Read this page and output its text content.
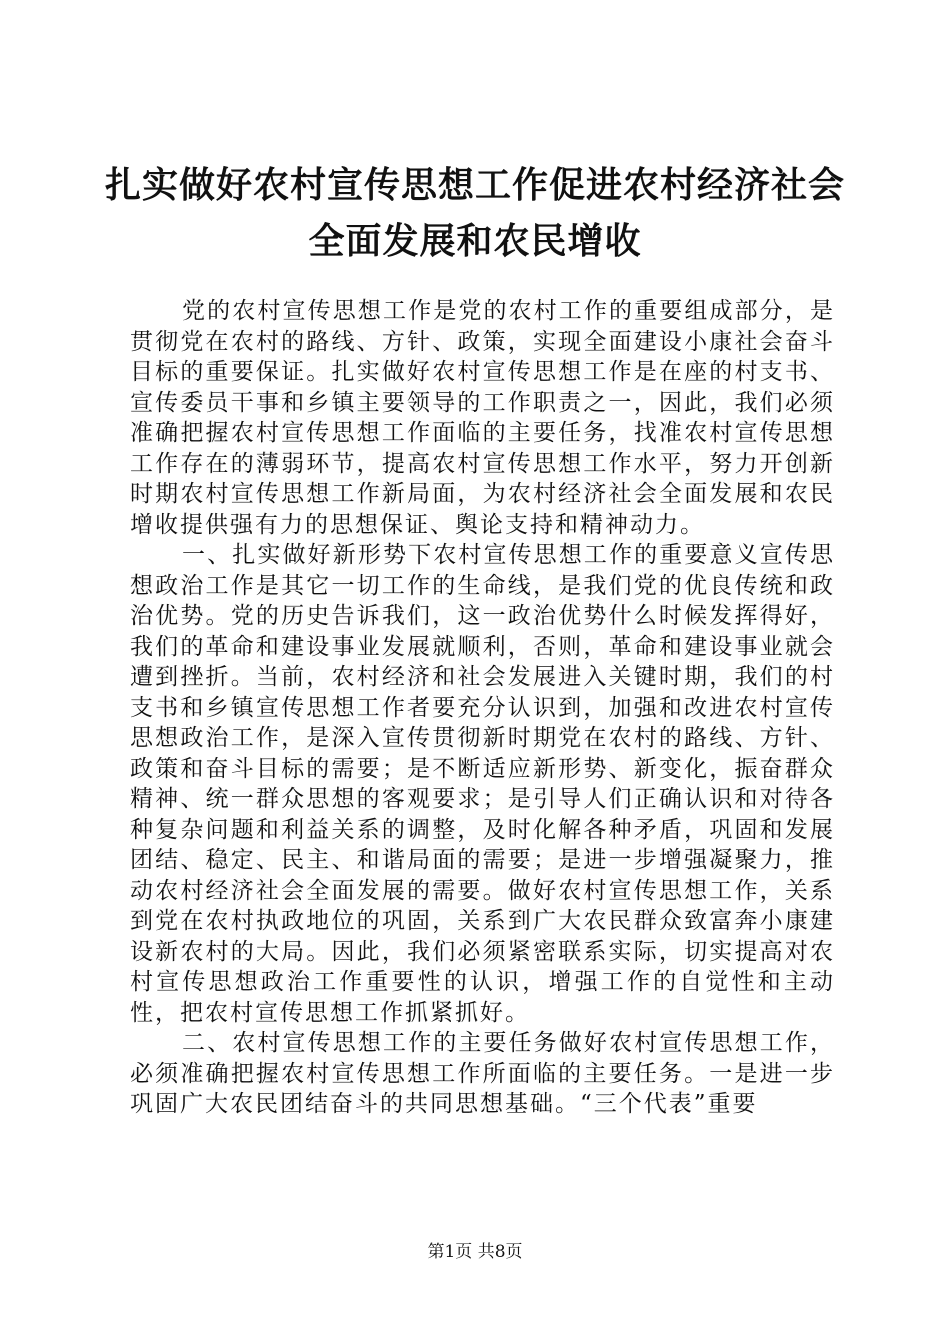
扎实做好农村宣传思想工作促进农村经济社会
全面发展和农民增收

党的农村宣传思想工作是党的农村工作的重要组成部分，是贯彻党在农村的路线、方针、政策，实现全面建设小康社会奋斗目标的重要保证。扎实做好农村宣传思想工作是在座的村支书、宣传委员干事和乡镇主要领导的工作职责之一，因此，我们必须准确把握农村宣传思想工作面临的主要任务，找准农村宣传思想工作存在的薄弱环节，提高农村宣传思想工作水平，努力开创新时期农村宣传思想工作新局面，为农村经济社会全面发展和农民增收提供强有力的思想保证、舆论支持和精神动力。

一、扎实做好新形势下农村宣传思想工作的重要意义宣传思想政治工作是其它一切工作的生命线，是我们党的优良传统和政治优势。党的历史告诉我们，这一政治优势什么时候发挥得好，我们的革命和建设事业发展就顺利，否则，革命和建设事业就会遭到挫折。当前，农村经济和社会发展进入关键时期，我们的村支书和乡镇宣传思想工作者要充分认识到，加强和改进农村宣传思想政治工作，是深入宣传贯彻新时期党在农村的路线、方针、政策和奋斗目标的需要；是不断适应新形势、新变化，振奋群众精神、统一群众思想的客观要求；是引导人们正确认识和对待各种复杂问题和利益关系的调整，及时化解各种矛盾，巩固和发展团结、稳定、民主、和谐局面的需要；是进一步增强凝聚力，推动农村经济社会全面发展的需要。做好农村宣传思想工作，关系到党在农村执政地位的巩固，关系到广大农民群众致富奔小康建设新农村的大局。因此，我们必须紧密联系实际，切实提高对农村宣传思想政治工作重要性的认识，增强工作的自觉性和主动性，把农村宣传思想工作抓紧抓好。

二、农村宣传思想工作的主要任务做好农村宣传思想工作，必须准确把握农村宣传思想工作所面临的主要任务。一是进一步巩固广大农民团结奋斗的共同思想基础。“三个代表”重要

第1页 共8页
